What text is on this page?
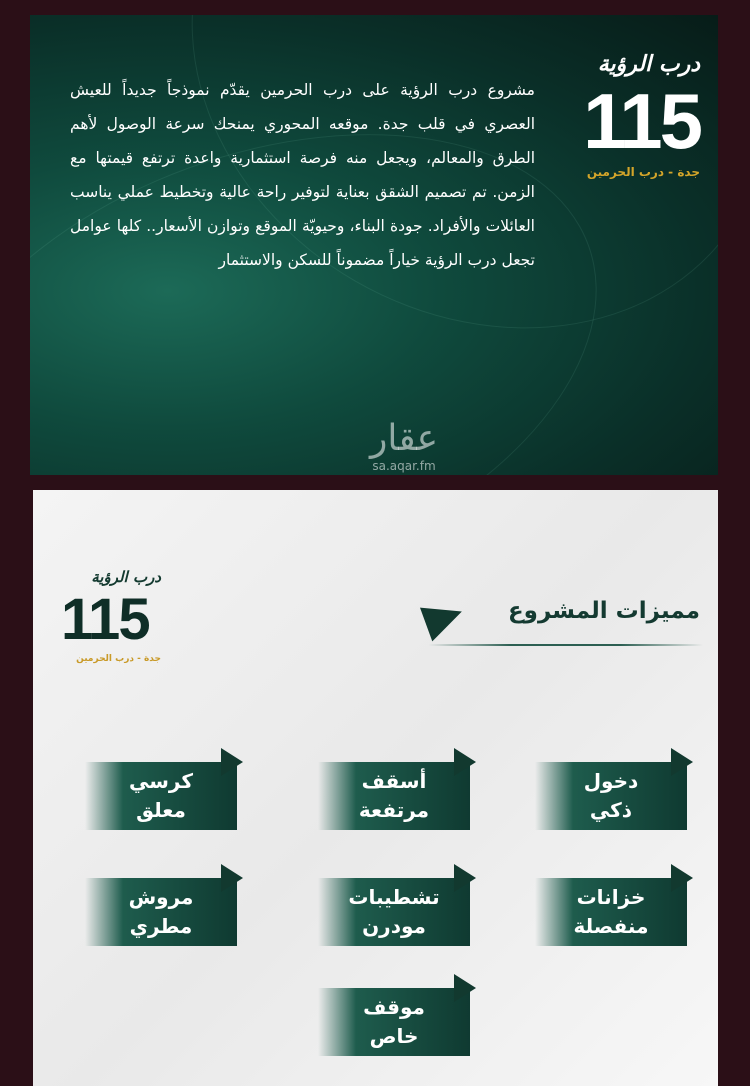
مشروع درب الرؤية على درب الحرمين يقدّم نموذجاً جديداً للعيش العصري في قلب جدة. موقعه المحوري يمنحك سرعة الوصول لأهم الطرق والمعالم، ويجعل منه فرصة استثمارية واعدة ترتفع قيمتها مع الزمن. تم تصميم الشقق بعناية لتوفير راحة عالية وتخطيط عملي يناسب العائلات والأفراد. جودة البناء، وحيويّة الموقع وتوازن الأسعار.. كلها عوامل تجعل درب الرؤية خياراً مضموناً للسكن والاستثمار
درب الرؤية
115
جدة - درب الحرمين
عقار
sa.aqar.fm
درب الرؤية
115
جدة - درب الحرمين
مميزات المشروع
دخول
ذكي
أسقف
مرتفعة
كرسي
معلق
خزانات
منفصلة
تشطيبات
مودرن
مروش
مطري
موقف
خاص
